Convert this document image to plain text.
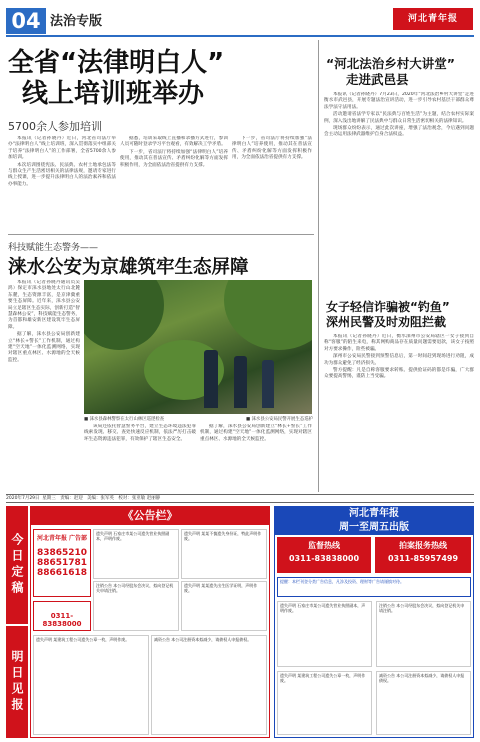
04 法治专版	河北青年报
全省“法律明白人”
线上培训班举办
5700余人参加培训

本报讯（记者孙晓丹）近日，河北省司法厅举办“法律明白人”线上培训班，深入贯彻落实中组部关于培养“法律明白人”的工作部署，全省5700余人参加培训。

本次培训围绕宪法、民法典、农村土地承包法等与群众生产生活密切相关的法律法规，邀请专家进行线上授课，进一步提升法律明白人的法治素养和依法办事能力。

据悉，培训采取线上直播和录播方式进行，参训人员可随时登录学习平台观看，有效解决工学矛盾。

下一步，省司法厅将持续加强“法律明白人”培养使用，推动其在普法宣传、矛盾纠纷化解等方面发挥积极作用，为全面依法治省提供有力支撑。

下一步，省司法厅将持续加强“法律明白人”培养使用，推动其在普法宣传、矛盾纠纷化解等方面发挥积极作用，为全面依法治省提供有力支撑。

科技赋能生态警务——
涞水公安为京雄筑牢生态屏障

本报讯（记者孙晓丹通讯员吴鸿）保定市涞水县地处太行山北麓东麓，生态资源丰富，是京津冀重要生态屏障。近年来，涞水县公安局立足辖区生态实际，创新打造“智慧森林公安”，科技赋能生态警务，为首都和雄安新区建设筑牢生态屏障。

据了解，涞水县公安局创新建立“林长+警长”工作机制，通过构建“空天地”一体化监测网络，实现对辖区重点林区、水源地的全天候监控。

■ 涞水县森林警察在太行山林区巡逻检查	■ 涞水县公安局民警开展生态巡护

该局还依托智慧警务平台，建立生态环境违法犯罪线索发现、移交、查处快速反应机制，依法严厉打击破坏生态资源违法犯罪，有效保护了辖区生态安全。

据了解，涞水县公安局创新建立“林长+警长”工作机制，通过构建“空天地”一体化监测网络，实现对辖区重点林区、水源地的全天候监控。

“河北法治乡村大讲堂”
走进武邑县

本报讯（记者孙晓丹）7月23日，2020年“河北法治乡村大讲堂”走进衡水市武邑县，开展专题法治宣讲活动，进一步引导农村基层干部群众尊法学法守法用法。

活动邀请省法学专家以“民法典与百姓生活”为主题，结合农村实际案例，深入浅出地讲解了民法典中与群众日常生活密切相关的法律知识。

现场群众纷纷表示，通过此次讲座，增强了法治观念，今后遇到问题会主动运用法律武器维护自身合法权益。

女子轻信诈骗被“钓鱼”
深州民警及时劝阻拦截

本报讯（记者孙晓丹）近日，衡水深州市公安局辖区一女子接到自称“客服”的陌生来电，称其网购商品存在质量问题需要退款，该女子按照对方要求操作，险些被骗。

深州市公安局民警接到预警信息后，第一时间赶到现场进行劝阻，成功为群众避免了经济损失。

警方提醒：凡是自称客服要求转账、提供验证码的都是诈骗，广大群众要提高警惕，谨防上当受骗。

2020年7月29日 星期三 责编：赵迎 美编：张军英 校对：张亚敏 赵丽静
今日定稿
明日见报
《公告栏》
河北青年报 广告部
83865210
88651781
88661618
0311-83838000
遗失声明 石家庄市某公司遗失营业执照副本，声明作废。
遗失声明 某某不慎遗失身份证，特此声明作废。
注销公告 本公司经股东会决议，拟向登记机关申请注销。
遗失声明 某某遗失出生医学证明，声明作废。
遗失声明 某建筑工程公司遗失公章一枚，声明作废。	减资公告 本公司注册资本拟减少，请债权人申报债权。
河北青年报
周一至周五出版
监督热线
0311-83838000
拍案报务热线
0311-85957499
提醒：本栏刊登分类广告信息，凡涉及投资、理财等广告请谨慎对待。
遗失声明 石家庄市某公司遗失营业执照副本，声明作废。
注销公告 本公司经股东会决议，拟向登记机关申请注销。
遗失声明 某建筑工程公司遗失公章一枚，声明作废。
减资公告 本公司注册资本拟减少，请债权人申报债权。
